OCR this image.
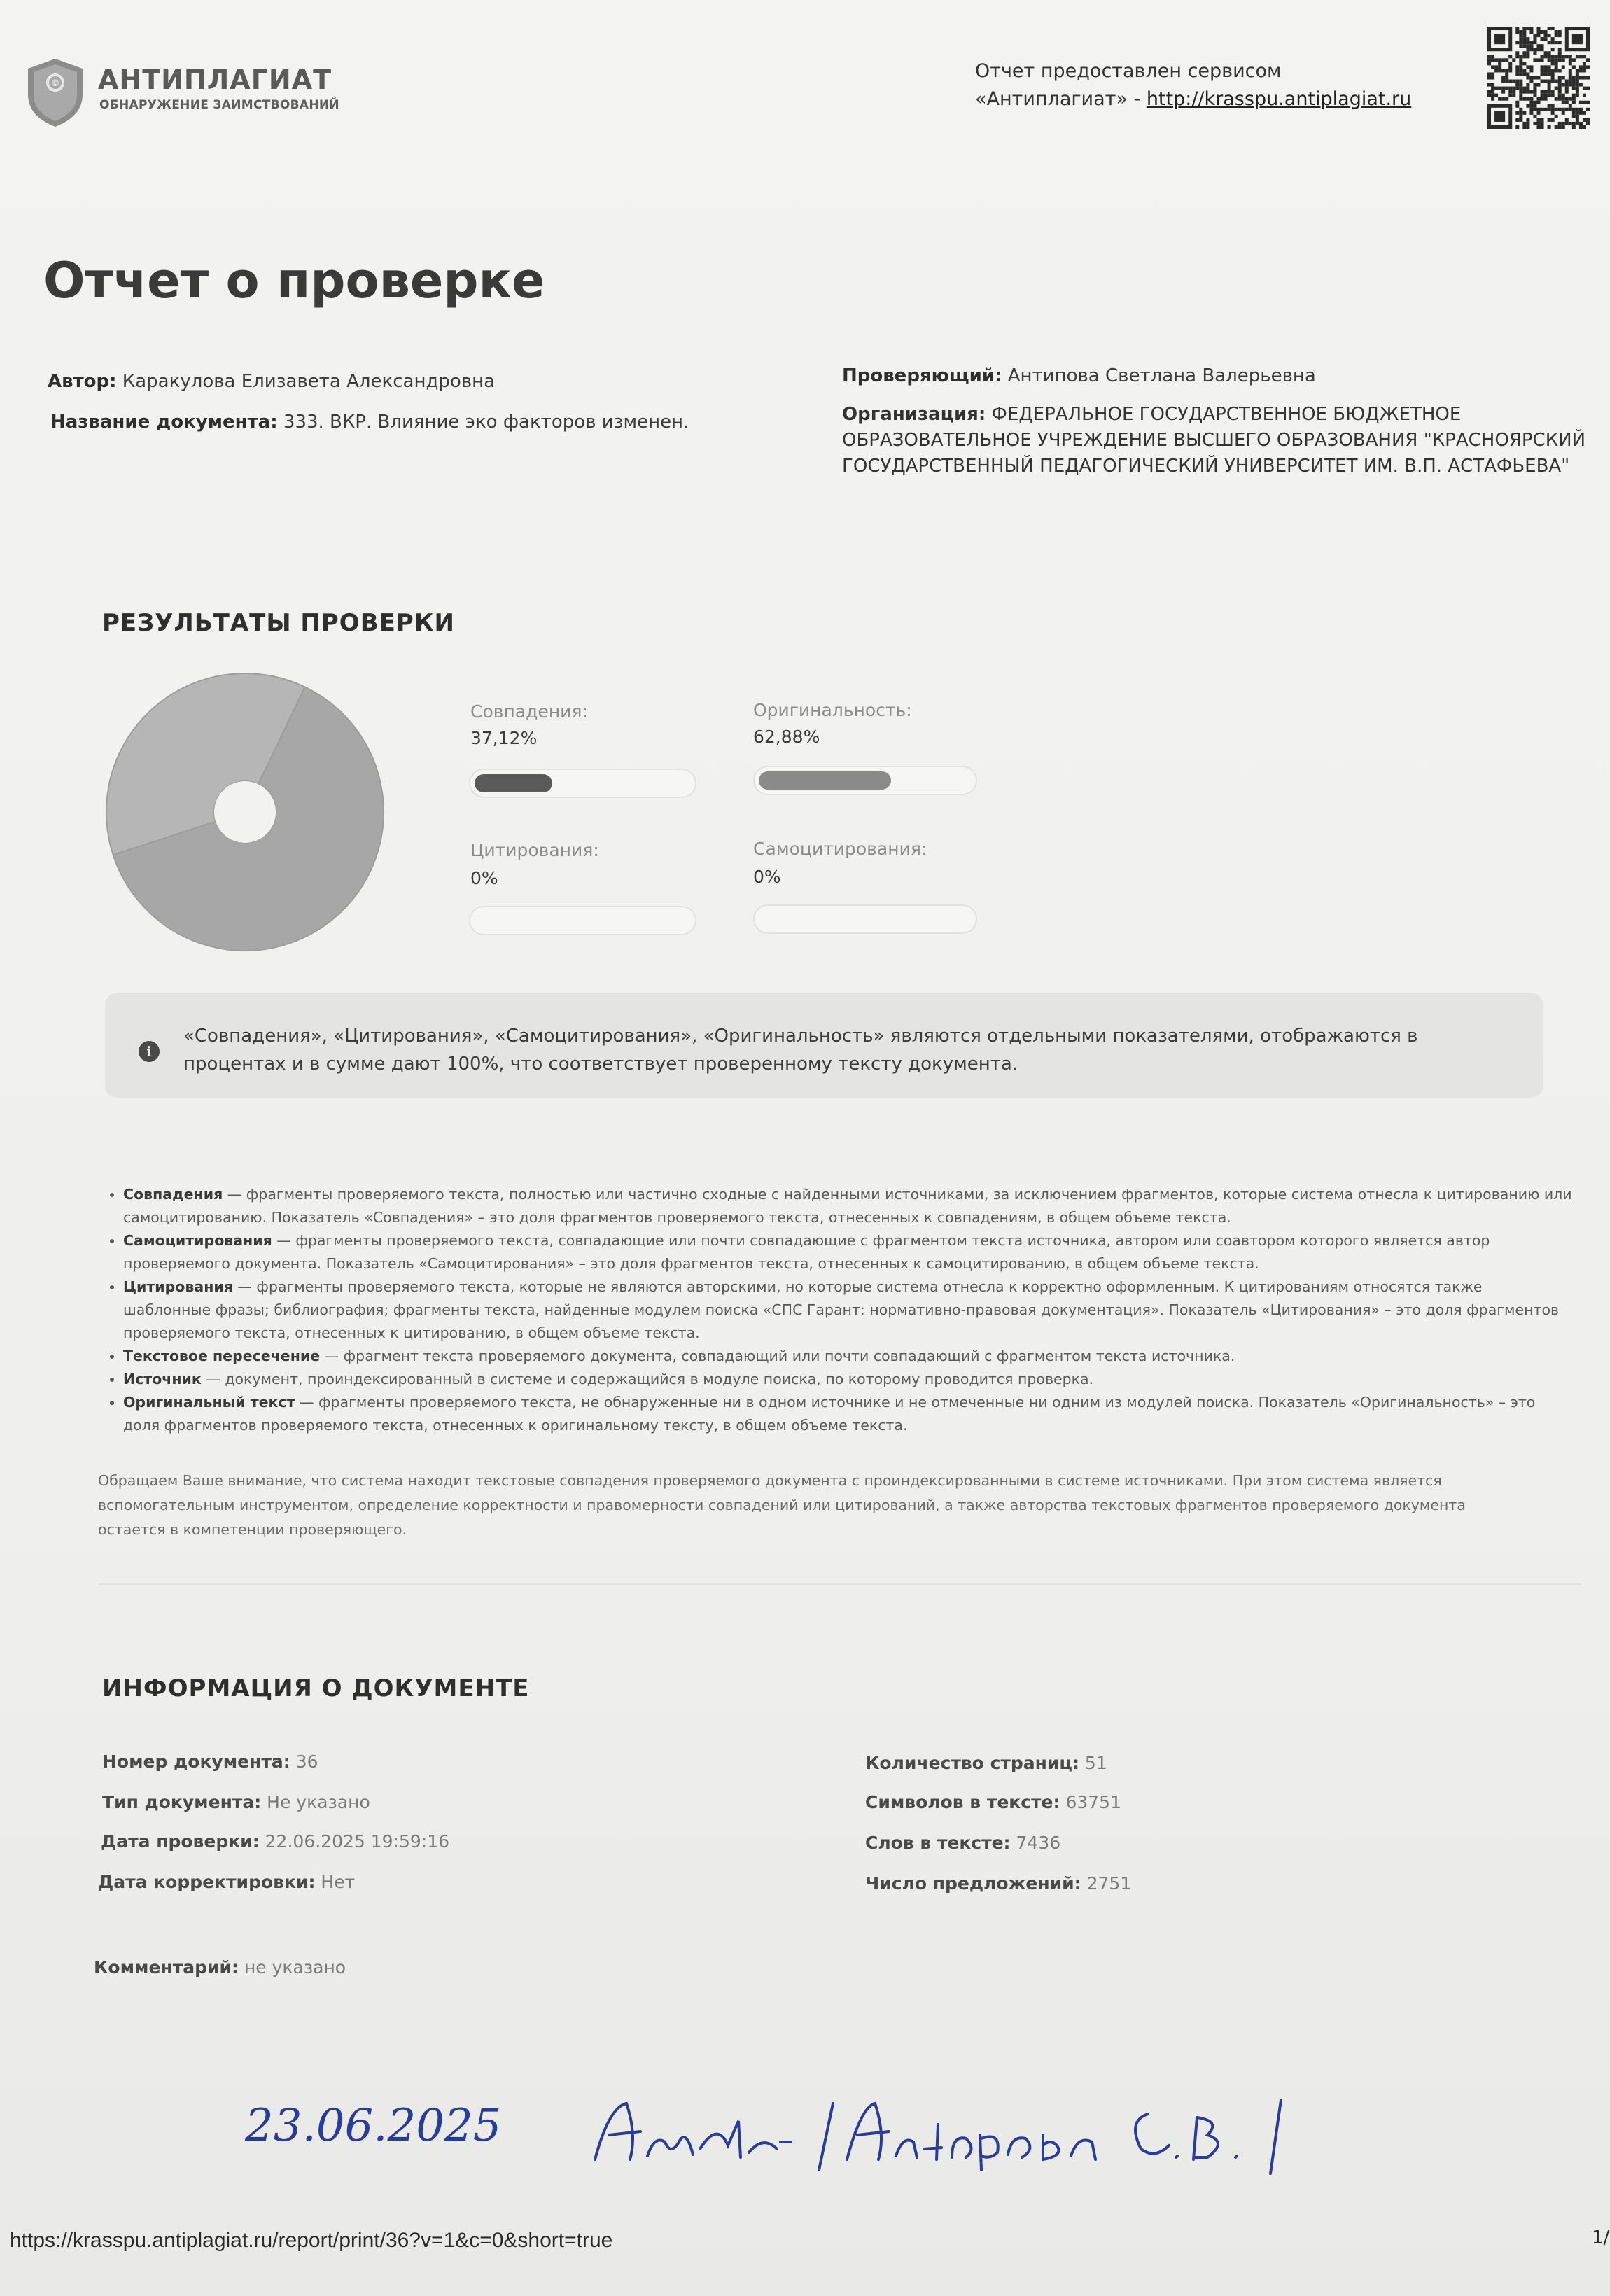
© АНТИПЛАГИАТ
ОБНАРУЖЕНИЕ ЗАИМСТВОВАНИЙ
Отчет предоставлен сервисом
«Антиплагиат» - http://krasspu.antiplagiat.ru
Отчет о проверке
Автор: Каракулова Елизавета Александровна
Название документа: 333. ВКР. Влияние эко факторов изменен.
Проверяющий: Антипова Светлана Валерьевна
Организация: ФЕДЕРАЛЬНОЕ ГОСУДАРСТВЕННОЕ БЮДЖЕТНОЕ ОБРАЗОВАТЕЛЬНОЕ УЧРЕЖДЕНИЕ ВЫСШЕГО ОБРАЗОВАНИЯ "КРАСНОЯРСКИЙ ГОСУДАРСТВЕННЫЙ ПЕДАГОГИЧЕСКИЙ УНИВЕРСИТЕТ ИМ. В.П. АСТАФЬЕВА"
РЕЗУЛЬТАТЫ ПРОВЕРКИ
Совпадения:
37,12%
Оригинальность:
62,88%
Цитирования:
0%
Самоцитирования:
0%
i
«Совпадения», «Цитирования», «Самоцитирования», «Оригинальность» являются отдельными показателями, отображаются в процентах и в сумме дают 100%, что соответствует проверенному тексту документа.
• Совпадения — фрагменты проверяемого текста, полностью или частично сходные с найденными источниками, за исключением фрагментов, которые система отнесла к цитированию или самоцитированию. Показатель «Совпадения» – это доля фрагментов проверяемого текста, отнесенных к совпадениям, в общем объеме текста.
• Самоцитирования — фрагменты проверяемого текста, совпадающие или почти совпадающие с фрагментом текста источника, автором или соавтором которого является автор проверяемого документа. Показатель «Самоцитирования» – это доля фрагментов текста, отнесенных к самоцитированию, в общем объеме текста.
• Цитирования — фрагменты проверяемого текста, которые не являются авторскими, но которые система отнесла к корректно оформленным. К цитированиям относятся также шаблонные фразы; библиография; фрагменты текста, найденные модулем поиска «СПС Гарант: нормативно-правовая документация». Показатель «Цитирования» – это доля фрагментов проверяемого текста, отнесенных к цитированию, в общем объеме текста.
• Текстовое пересечение — фрагмент текста проверяемого документа, совпадающий или почти совпадающий с фрагментом текста источника.
• Источник — документ, проиндексированный в системе и содержащийся в модуле поиска, по которому проводится проверка.
• Оригинальный текст — фрагменты проверяемого текста, не обнаруженные ни в одном источнике и не отмеченные ни одним из модулей поиска. Показатель «Оригинальность» – это доля фрагментов проверяемого текста, отнесенных к оригинальному тексту, в общем объеме текста.
Обращаем Ваше внимание, что система находит текстовые совпадения проверяемого документа с проиндексированными в системе источниками. При этом система является вспомогательным инструментом, определение корректности и правомерности совпадений или цитирований, а также авторства текстовых фрагментов проверяемого документа остается в компетенции проверяющего.
ИНФОРМАЦИЯ О ДОКУМЕНТЕ
Номер документа: 36
Тип документа: Не указано
Дата проверки: 22.06.2025 19:59:16
Дата корректировки: Нет
Количество страниц: 51
Символов в тексте: 63751
Слов в тексте: 7436
Число предложений: 2751
Комментарий: не указано
23.06.2025
https://krasspu.antiplagiat.ru/report/print/36?v=1&c=0&short=true	1/
